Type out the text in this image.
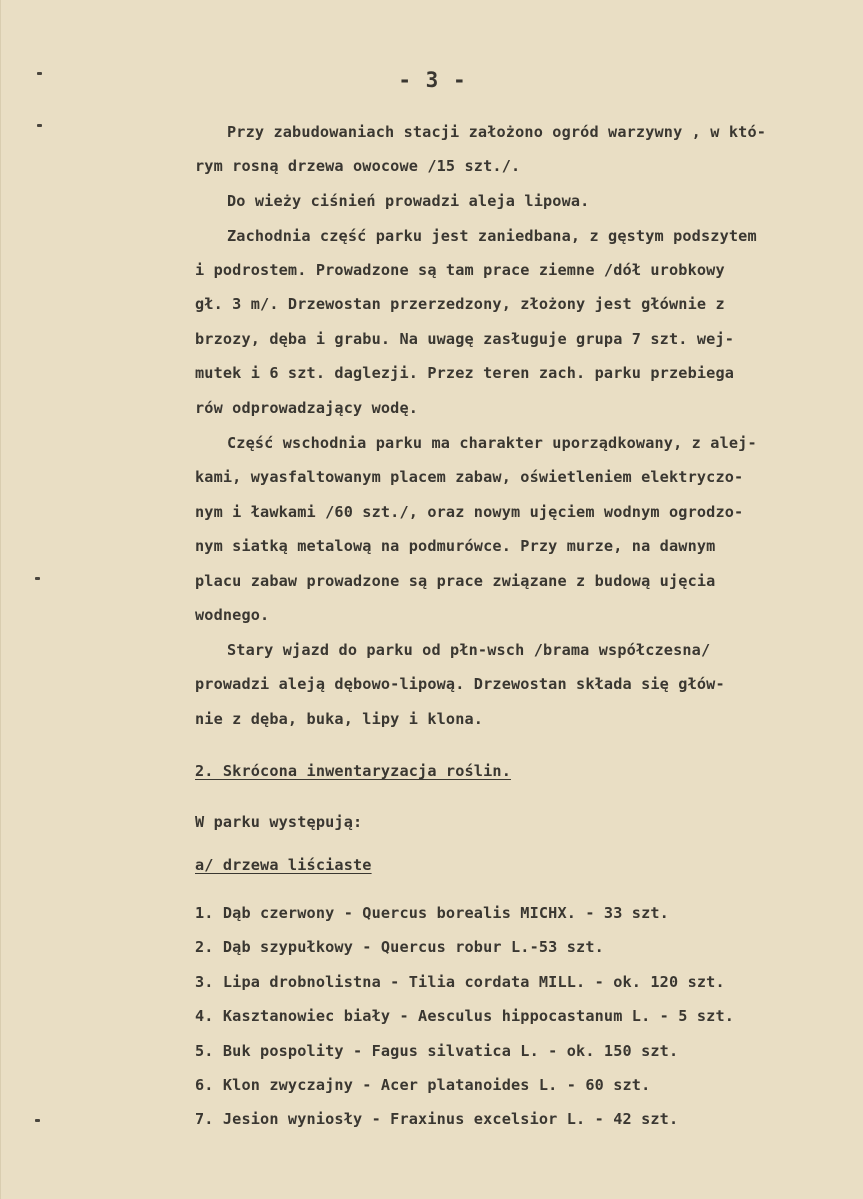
- 3 -
Przy zabudowaniach stacji założono ogród warzywny , w któ-
rym rosną drzewa owocowe /15 szt./.
Do wieży ciśnień prowadzi aleja lipowa.
Zachodnia część parku jest zaniedbana, z gęstym podszytem
i podrostem. Prowadzone są tam prace ziemne /dół urobkowy
gł. 3 m/. Drzewostan przerzedzony, złożony jest głównie z
brzozy, dęba i grabu. Na uwagę zasługuje grupa 7 szt. wej-
mutek i 6 szt. daglezji. Przez teren zach. parku przebiega
rów odprowadzający wodę.
Część wschodnia parku ma charakter uporządkowany, z alej-
kami, wyasfaltowanym placem zabaw, oświetleniem elektryczo-
nym i ławkami /60 szt./, oraz nowym ujęciem wodnym ogrodzo-
nym siatką metalową na podmurówce. Przy murze, na dawnym
placu zabaw prowadzone są prace związane z budową ujęcia
wodnego.
Stary wjazd do parku od płn-wsch /brama współczesna/
prowadzi aleją dębowo-lipową. Drzewostan składa się głów-
nie z dęba, buka, lipy i klona.
2. Skrócona inwentaryzacja roślin.
W parku występują:
a/ drzewa liściaste
1. Dąb czerwony - Quercus borealis MICHX. - 33 szt.
2. Dąb szypułkowy - Quercus robur L.-53 szt.
3. Lipa drobnolistna - Tilia cordata MILL. - ok. 120 szt.
4. Kasztanowiec biały - Aesculus hippocastanum L. - 5 szt.
5. Buk pospolity - Fagus silvatica L. - ok. 150 szt.
6. Klon zwyczajny - Acer platanoides L. - 60 szt.
7. Jesion wyniosły - Fraxinus excelsior L. - 42 szt.
